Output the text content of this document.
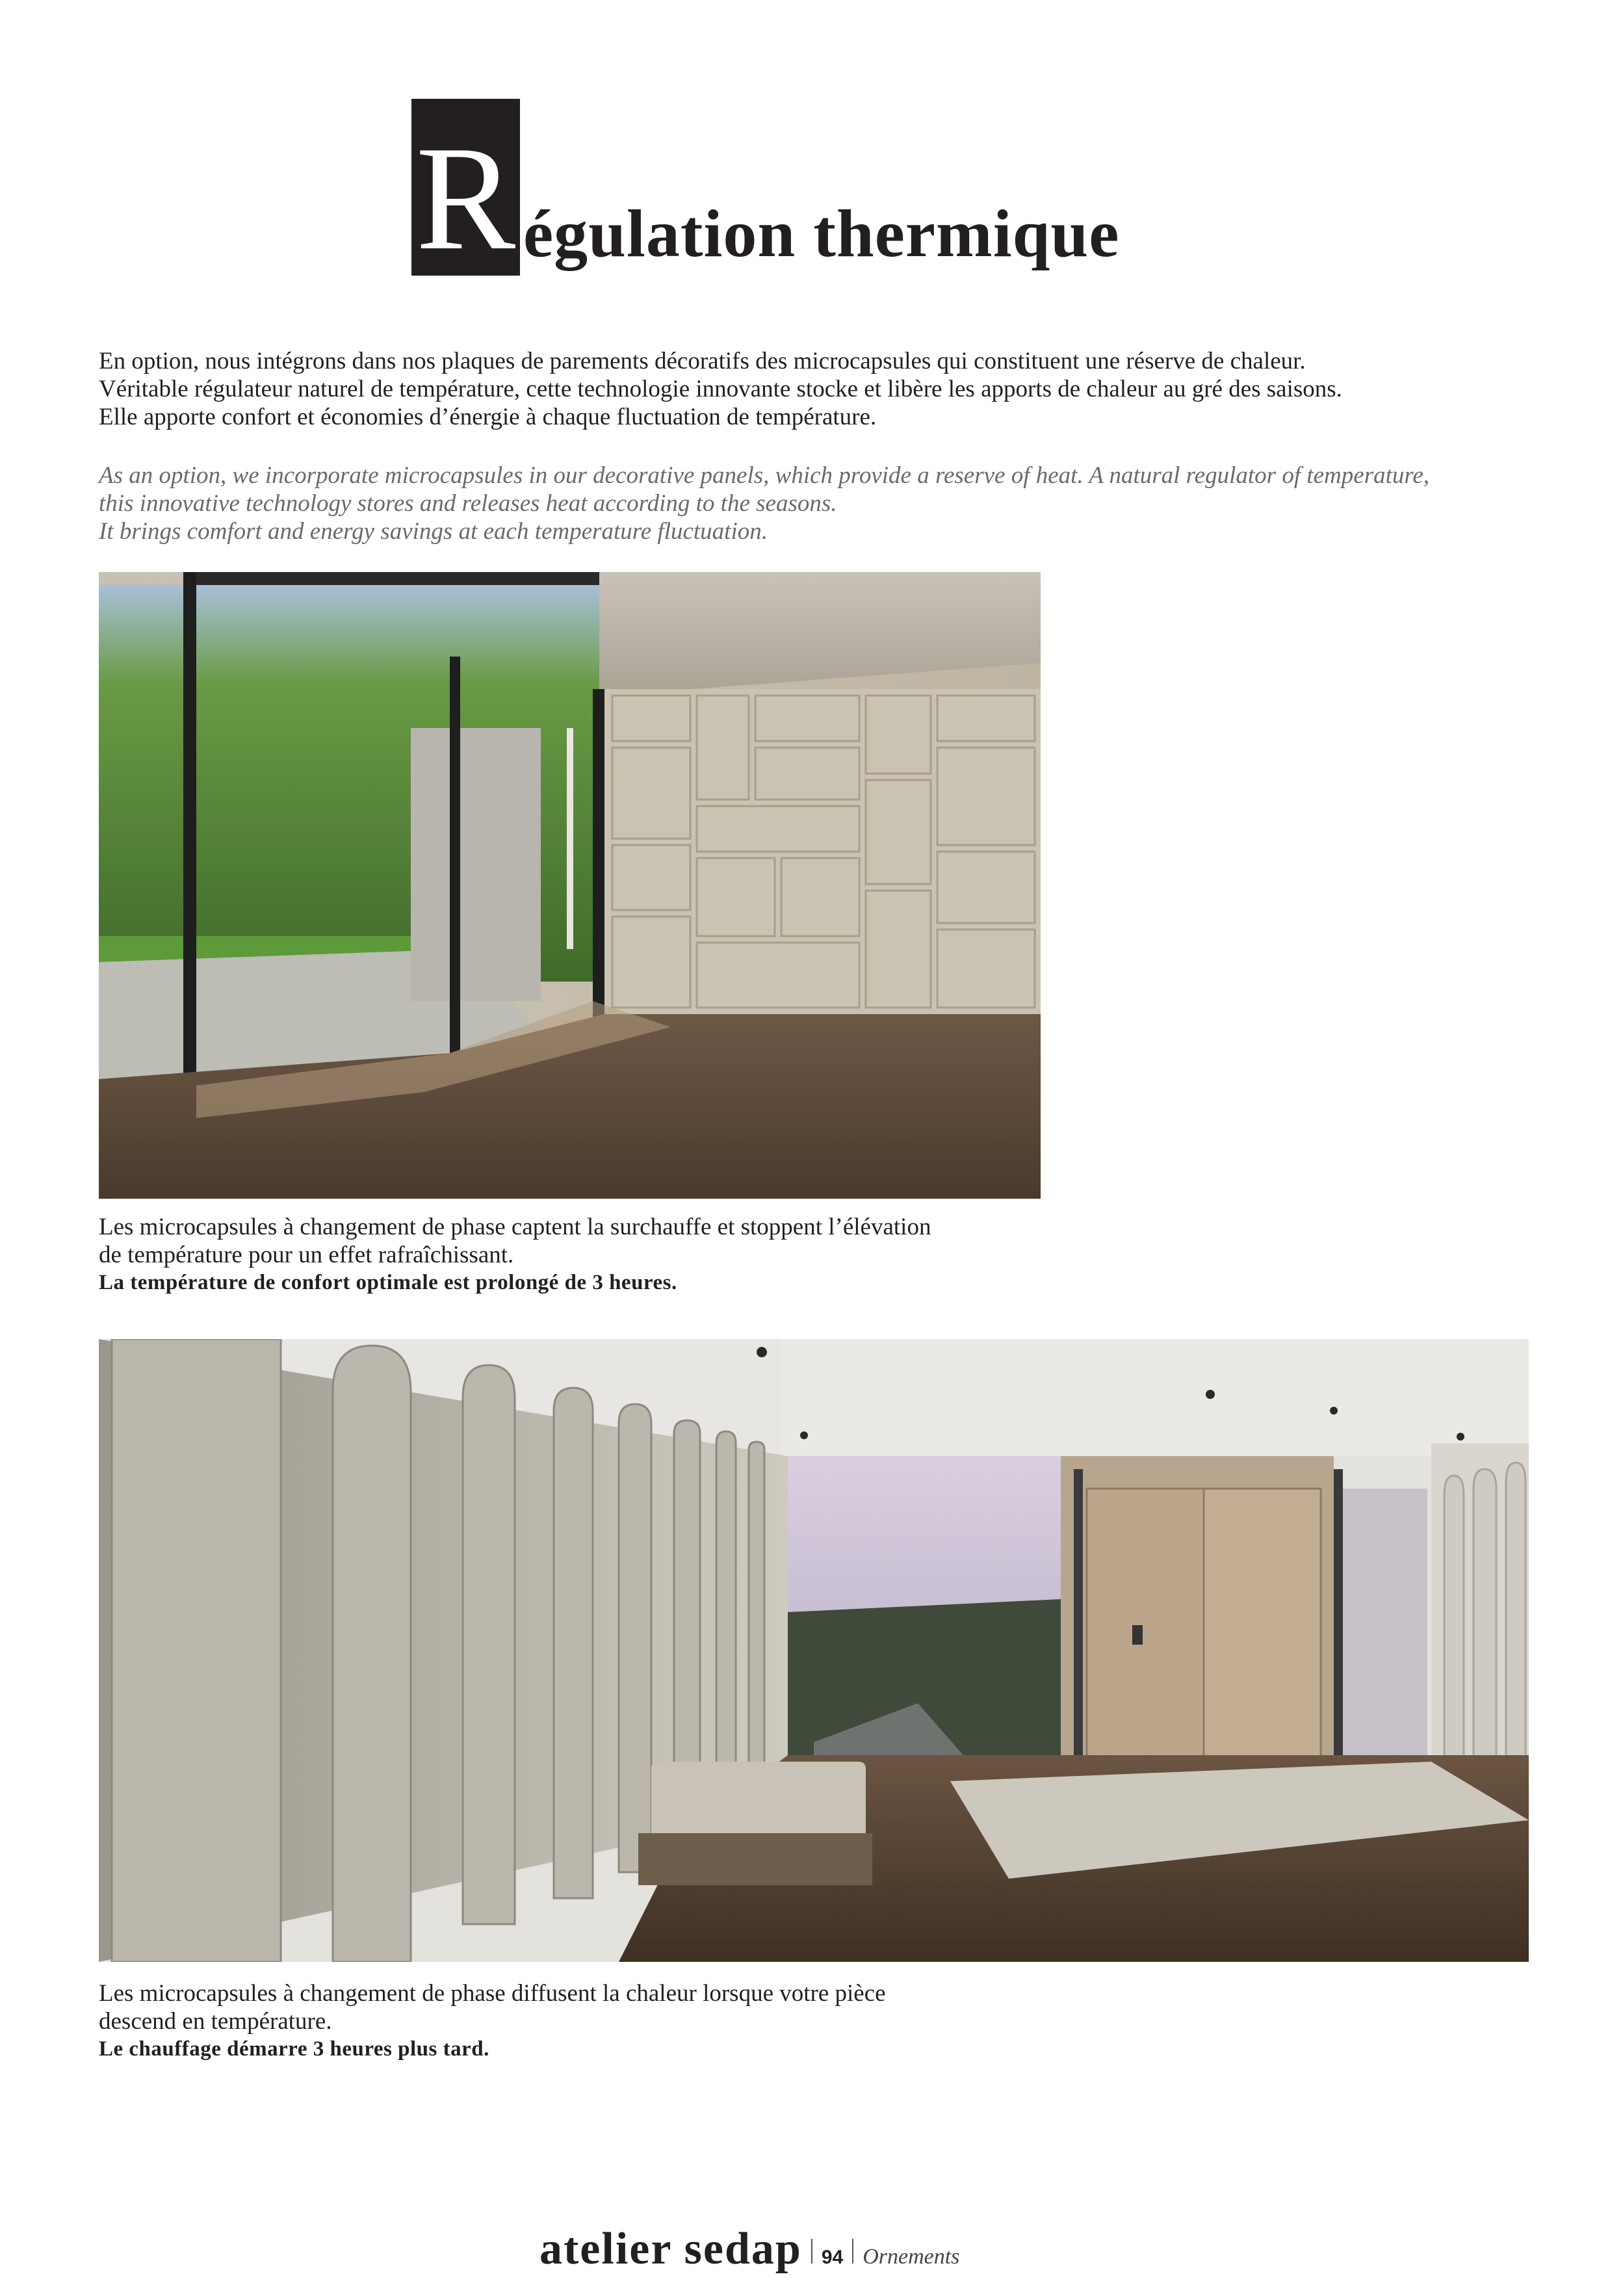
R égulation thermique

En option, nous intégrons dans nos plaques de parements décoratifs des microcapsules qui constituent une réserve de chaleur.

Véritable régulateur naturel de température, cette technologie innovante stocke et libère les apports de chaleur au gré des saisons.

Elle apporte confort et économies d’énergie à chaque fluctuation de température.

As an option, we incorporate microcapsules in our decorative panels, which provide a reserve of heat. A natural regulator of temperature,

this innovative technology stores and releases heat according to the seasons.

It brings comfort and energy savings at each temperature fluctuation.

Les microcapsules à changement de phase captent la surchauffe et stoppent l’élévation

de température pour un effet rafraîchissant.

La température de confort optimale est prolongé de 3 heures.

Les microcapsules à changement de phase diffusent la chaleur lorsque votre pièce

descend en température.

Le chauffage démarre 3 heures plus tard.

atelier sedap 94 Ornements
